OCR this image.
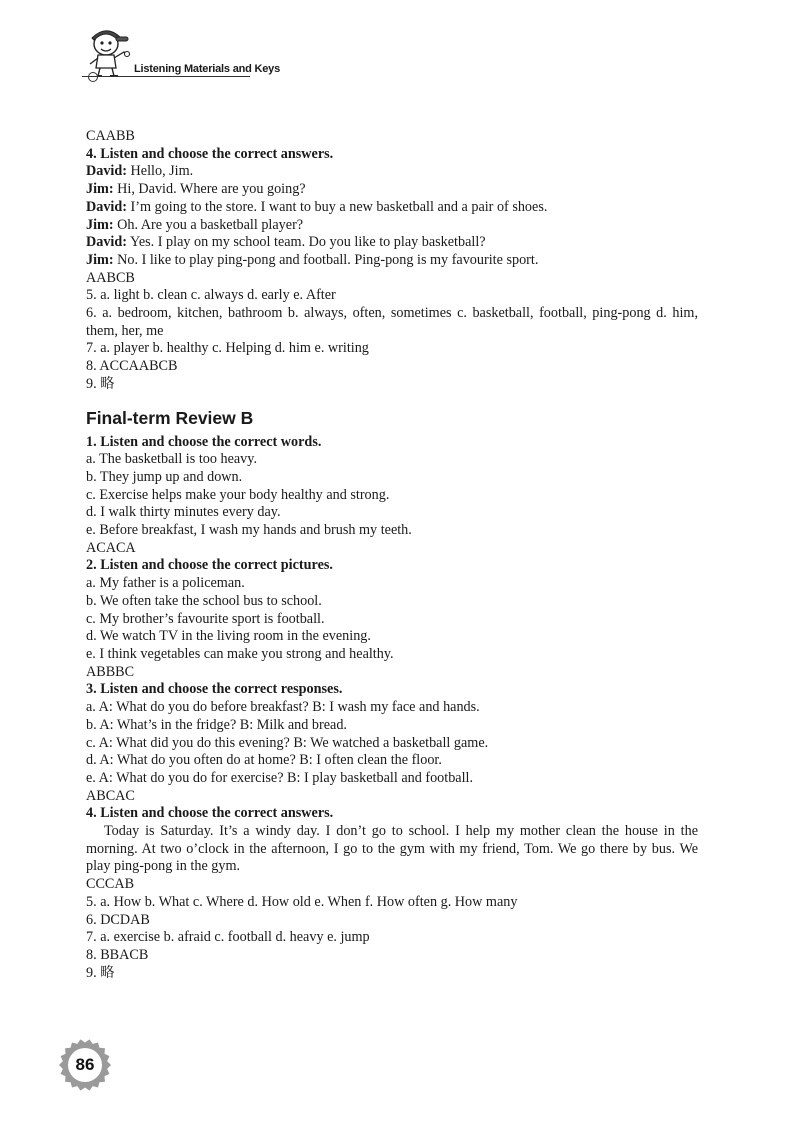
Listening Materials and Keys

CAABB

4. Listen and choose the correct answers.

David: Hello, Jim.

Jim: Hi, David. Where are you going?

David: I’m going to the store. I want to buy a new basketball and a pair of shoes.

Jim: Oh. Are you a basketball player?

David: Yes. I play on my school team. Do you like to play basketball?

Jim: No. I like to play ping-pong and football. Ping-pong is my favourite sport.

AABCB

5. a. light b. clean c. always d. early e. After

6. a. bedroom, kitchen, bathroom b. always, often, sometimes c. basketball, football, ping-pong d. him, them, her, me

7. a. player b. healthy c. Helping d. him e. writing

8. ACCAABCB

9. 略

Final-term Review B

1. Listen and choose the correct words.

a. The basketball is too heavy.

b. They jump up and down.

c. Exercise helps make your body healthy and strong.

d. I walk thirty minutes every day.

e. Before breakfast, I wash my hands and brush my teeth.

ACACA

2. Listen and choose the correct pictures.

a. My father is a policeman.

b. We often take the school bus to school.

c. My brother’s favourite sport is football.

d. We watch TV in the living room in the evening.

e. I think vegetables can make you strong and healthy.

ABBBC

3. Listen and choose the correct responses.

a. A: What do you do before breakfast? B: I wash my face and hands.

b. A: What’s in the fridge? B: Milk and bread.

c. A: What did you do this evening? B: We watched a basketball game.

d. A: What do you often do at home? B: I often clean the floor.

e. A: What do you do for exercise? B: I play basketball and football.

ABCAC

4. Listen and choose the correct answers.

Today is Saturday. It’s a windy day. I don’t go to school. I help my mother clean the house in the morning. At two o’clock in the afternoon, I go to the gym with my friend, Tom. We go there by bus. We play ping-pong in the gym.

CCCAB

5. a. How b. What c. Where d. How old e. When f. How often g. How many

6. DCDAB

7. a. exercise b. afraid c. football d. heavy e. jump

8. BBACB

9. 略

86
